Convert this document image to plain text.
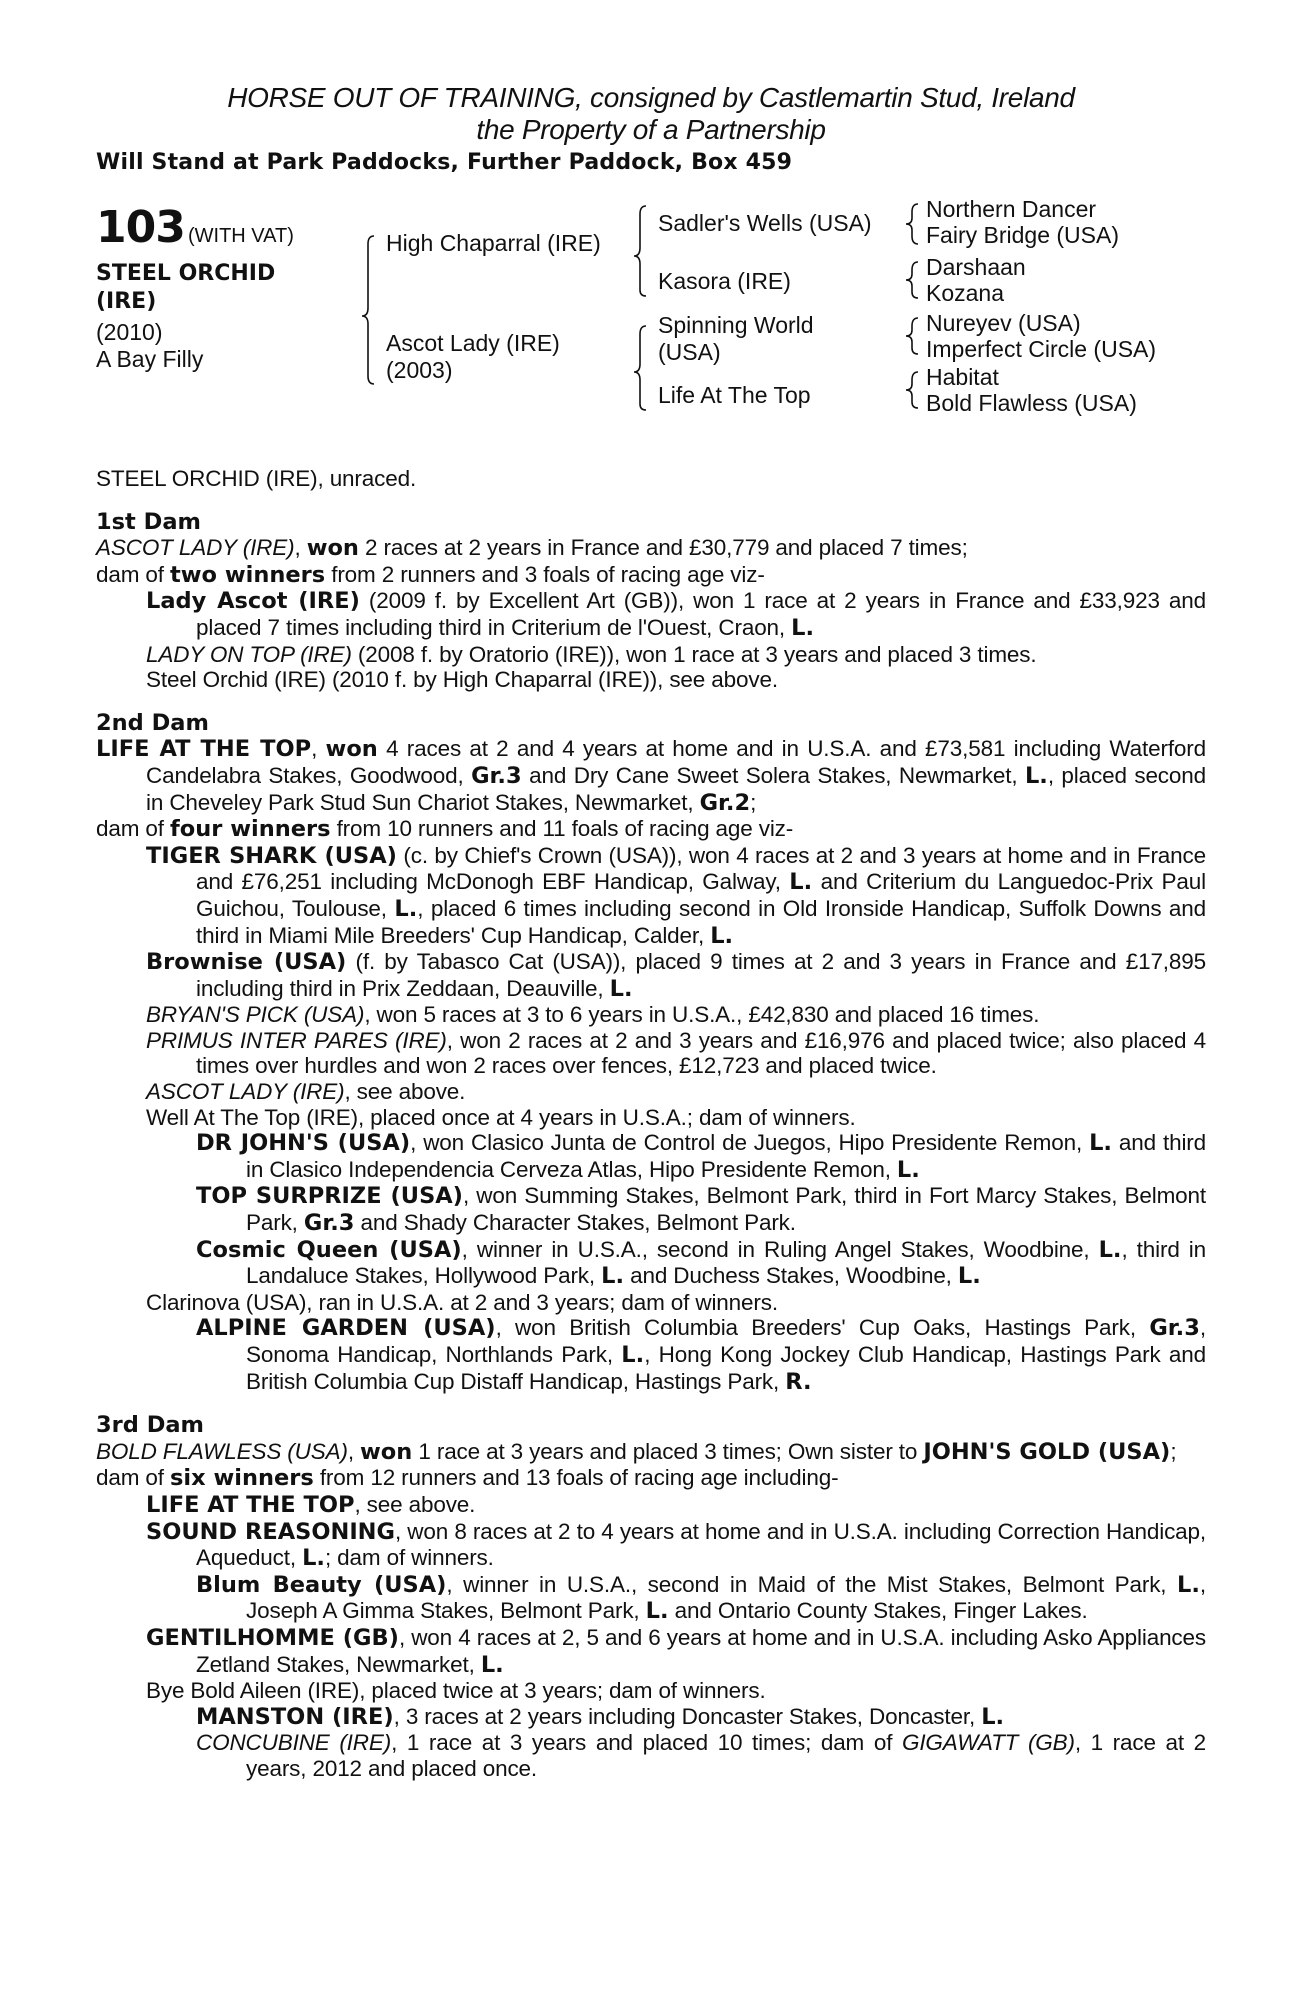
HORSE OUT OF TRAINING, consigned by Castlemartin Stud, Ireland
the Property of a Partnership
Will Stand at Park Paddocks, Further Paddock, Box 459
103 (WITH VAT)
STEEL ORCHID
(IRE)
(2010)
A Bay Filly
High Chaparral (IRE)
Ascot Lady (IRE)
(2003)
Sadler's Wells (USA)
Kasora (IRE)
Spinning World
(USA)
Life At The Top
Northern Dancer
Fairy Bridge (USA)
Darshaan
Kozana
Nureyev (USA)
Imperfect Circle (USA)
Habitat
Bold Flawless (USA)

STEEL ORCHID (IRE), unraced.

1st Dam

ASCOT LADY (IRE), won 2 races at 2 years in France and £30,779 and placed 7 times;

dam of two winners from 2 runners and 3 foals of racing age viz-

Lady Ascot (IRE) (2009 f. by Excellent Art (GB)), won 1 race at 2 years in France and £33,923 and placed 7 times including third in Criterium de l'Ouest, Craon, L.

LADY ON TOP (IRE) (2008 f. by Oratorio (IRE)), won 1 race at 3 years and placed 3 times.

Steel Orchid (IRE) (2010 f. by High Chaparral (IRE)), see above.

2nd Dam

LIFE AT THE TOP, won 4 races at 2 and 4 years at home and in U.S.A. and £73,581 including Waterford Candelabra Stakes, Goodwood, Gr.3 and Dry Cane Sweet Solera Stakes, Newmarket, L., placed second in Cheveley Park Stud Sun Chariot Stakes, Newmarket, Gr.2;

dam of four winners from 10 runners and 11 foals of racing age viz-

TIGER SHARK (USA) (c. by Chief's Crown (USA)), won 4 races at 2 and 3 years at home and in France and £76,251 including McDonogh EBF Handicap, Galway, L. and Criterium du Languedoc-Prix Paul Guichou, Toulouse, L., placed 6 times including second in Old Ironside Handicap, Suffolk Downs and third in Miami Mile Breeders' Cup Handicap, Calder, L.

Brownise (USA) (f. by Tabasco Cat (USA)), placed 9 times at 2 and 3 years in France and £17,895 including third in Prix Zeddaan, Deauville, L.

BRYAN'S PICK (USA), won 5 races at 3 to 6 years in U.S.A., £42,830 and placed 16 times.

PRIMUS INTER PARES (IRE), won 2 races at 2 and 3 years and £16,976 and placed twice; also placed 4 times over hurdles and won 2 races over fences, £12,723 and placed twice.

ASCOT LADY (IRE), see above.

Well At The Top (IRE), placed once at 4 years in U.S.A.; dam of winners.

DR JOHN'S (USA), won Clasico Junta de Control de Juegos, Hipo Presidente Remon, L. and third in Clasico Independencia Cerveza Atlas, Hipo Presidente Remon, L.

TOP SURPRIZE (USA), won Summing Stakes, Belmont Park, third in Fort Marcy Stakes, Belmont Park, Gr.3 and Shady Character Stakes, Belmont Park.

Cosmic Queen (USA), winner in U.S.A., second in Ruling Angel Stakes, Woodbine, L., third in Landaluce Stakes, Hollywood Park, L. and Duchess Stakes, Woodbine, L.

Clarinova (USA), ran in U.S.A. at 2 and 3 years; dam of winners.

ALPINE GARDEN (USA), won British Columbia Breeders' Cup Oaks, Hastings Park, Gr.3, Sonoma Handicap, Northlands Park, L., Hong Kong Jockey Club Handicap, Hastings Park and British Columbia Cup Distaff Handicap, Hastings Park, R.

3rd Dam

BOLD FLAWLESS (USA), won 1 race at 3 years and placed 3 times; Own sister to JOHN'S GOLD (USA);

dam of six winners from 12 runners and 13 foals of racing age including-

LIFE AT THE TOP, see above.

SOUND REASONING, won 8 races at 2 to 4 years at home and in U.S.A. including Correction Handicap, Aqueduct, L.; dam of winners.

Blum Beauty (USA), winner in U.S.A., second in Maid of the Mist Stakes, Belmont Park, L., Joseph A Gimma Stakes, Belmont Park, L. and Ontario County Stakes, Finger Lakes.

GENTILHOMME (GB), won 4 races at 2, 5 and 6 years at home and in U.S.A. including Asko Appliances Zetland Stakes, Newmarket, L.

Bye Bold Aileen (IRE), placed twice at 3 years; dam of winners.

MANSTON (IRE), 3 races at 2 years including Doncaster Stakes, Doncaster, L.

CONCUBINE (IRE), 1 race at 3 years and placed 10 times; dam of GIGAWATT (GB), 1 race at 2 years, 2012 and placed once.
